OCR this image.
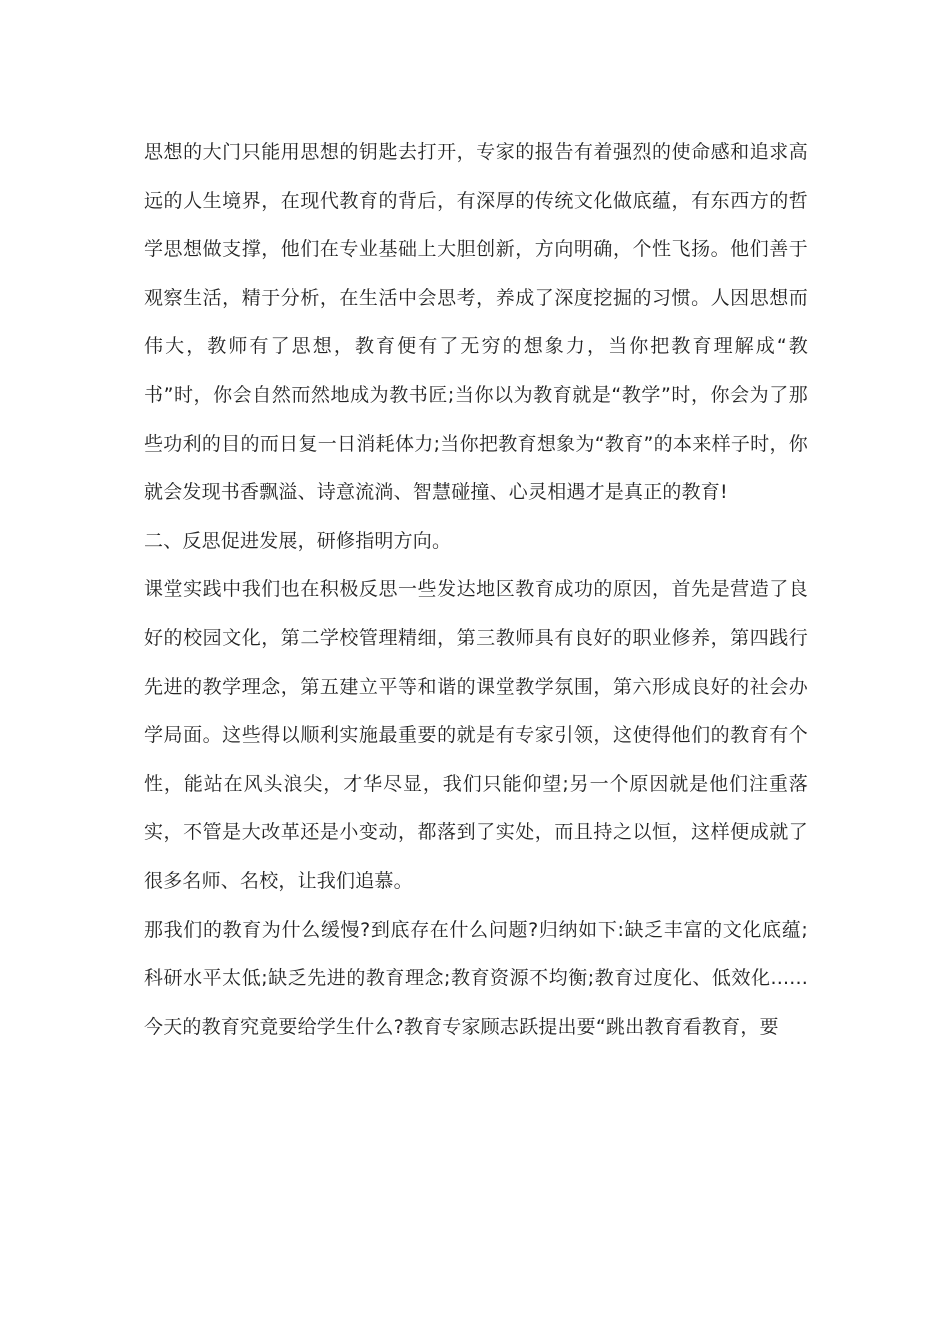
思想的大门只能用思想的钥匙去打开，专家的报告有着强烈的使命感和追求高远的人生境界，在现代教育的背后，有深厚的传统文化做底蕴，有东西方的哲学思想做支撑，他们在专业基础上大胆创新，方向明确，个性飞扬。他们善于观察生活，精于分析，在生活中会思考，养成了深度挖掘的习惯。人因思想而伟大，教师有了思想，教育便有了无穷的想象力，当你把教育理解成“教书”时，你会自然而然地成为教书匠;当你以为教育就是“教学”时，你会为了那些功利的目的而日复一日消耗体力;当你把教育想象为“教育”的本来样子时，你就会发现书香飘溢、诗意流淌、智慧碰撞、心灵相遇才是真正的教育!

二、反思促进发展，研修指明方向。

课堂实践中我们也在积极反思一些发达地区教育成功的原因，首先是营造了良好的校园文化，第二学校管理精细，第三教师具有良好的职业修养，第四践行先进的教学理念，第五建立平等和谐的课堂教学氛围，第六形成良好的社会办学局面。这些得以顺利实施最重要的就是有专家引领，这使得他们的教育有个性，能站在风头浪尖，才华尽显，我们只能仰望;另一个原因就是他们注重落实，不管是大改革还是小变动，都落到了实处，而且持之以恒，这样便成就了很多名师、名校，让我们追慕。

那我们的教育为什么缓慢?到底存在什么问题?归纳如下:缺乏丰富的文化底蕴;科研水平太低;缺乏先进的教育理念;教育资源不均衡;教育过度化、低效化......今天的教育究竟要给学生什么?教育专家顾志跃提出要“跳出教育看教育，要
